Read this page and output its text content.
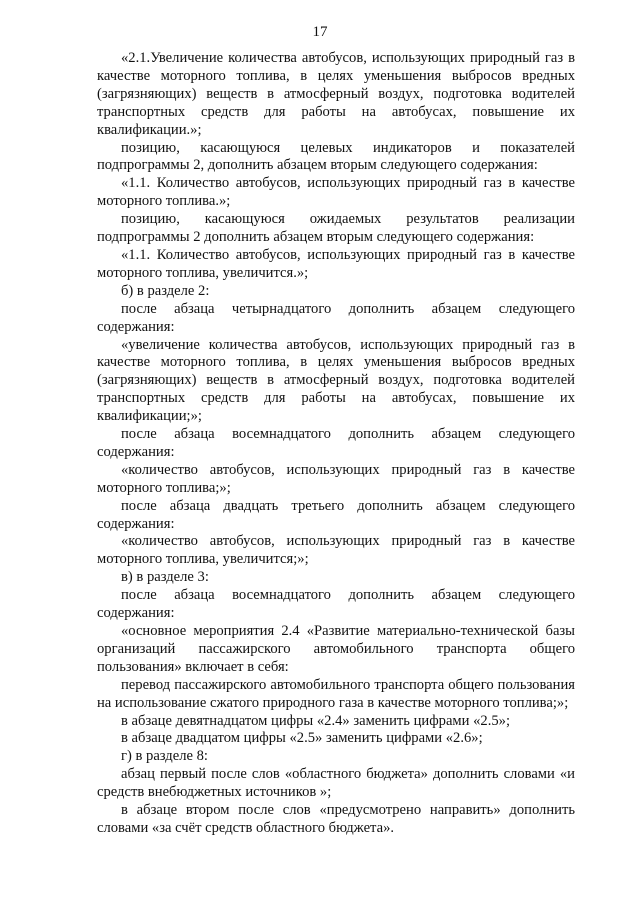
17

«2.1.Увеличение количества автобусов, использующих природный газ в качестве моторного топлива, в целях уменьшения выбросов вредных (загрязняющих) веществ в атмосферный воздух, подготовка водителей транспортных средств для работы на автобусах, повышение их квалификации.»;

позицию, касающуюся целевых индикаторов и показателей подпрограммы 2, дополнить абзацем вторым следующего содержания:

«1.1. Количество автобусов, использующих природный газ в качестве моторного топлива.»;

позицию, касающуюся ожидаемых результатов реализации подпрограммы 2 дополнить абзацем вторым следующего содержания:

«1.1. Количество автобусов, использующих природный газ в качестве моторного топлива, увеличится.»;

б) в разделе 2:

после абзаца четырнадцатого дополнить абзацем следующего содержания:

«увеличение количества автобусов, использующих природный газ в качестве моторного топлива, в целях уменьшения выбросов вредных (загрязняющих) веществ в атмосферный воздух, подготовка водителей транспортных средств для работы на автобусах, повышение их квалификации;»;

после абзаца восемнадцатого дополнить абзацем следующего содержания:

«количество автобусов, использующих природный газ в качестве моторного топлива;»;

после абзаца двадцать третьего дополнить абзацем следующего содержания:

«количество автобусов, использующих природный газ в качестве моторного топлива, увеличится;»;

в) в разделе 3:

после абзаца восемнадцатого дополнить абзацем следующего содержания:

«основное мероприятия 2.4 «Развитие материально-технической базы организаций пассажирского автомобильного транспорта общего пользования» включает в себя:

перевод пассажирского автомобильного транспорта общего пользования на использование сжатого природного газа в качестве моторного топлива;»;

в абзаце девятнадцатом цифры «2.4» заменить цифрами «2.5»;

в абзаце двадцатом цифры «2.5» заменить цифрами «2.6»;

г) в разделе 8:

абзац первый после слов «областного бюджета» дополнить словами «и средств внебюджетных источников »;

в абзаце втором после слов «предусмотрено направить» дополнить словами «за счёт средств областного бюджета».
